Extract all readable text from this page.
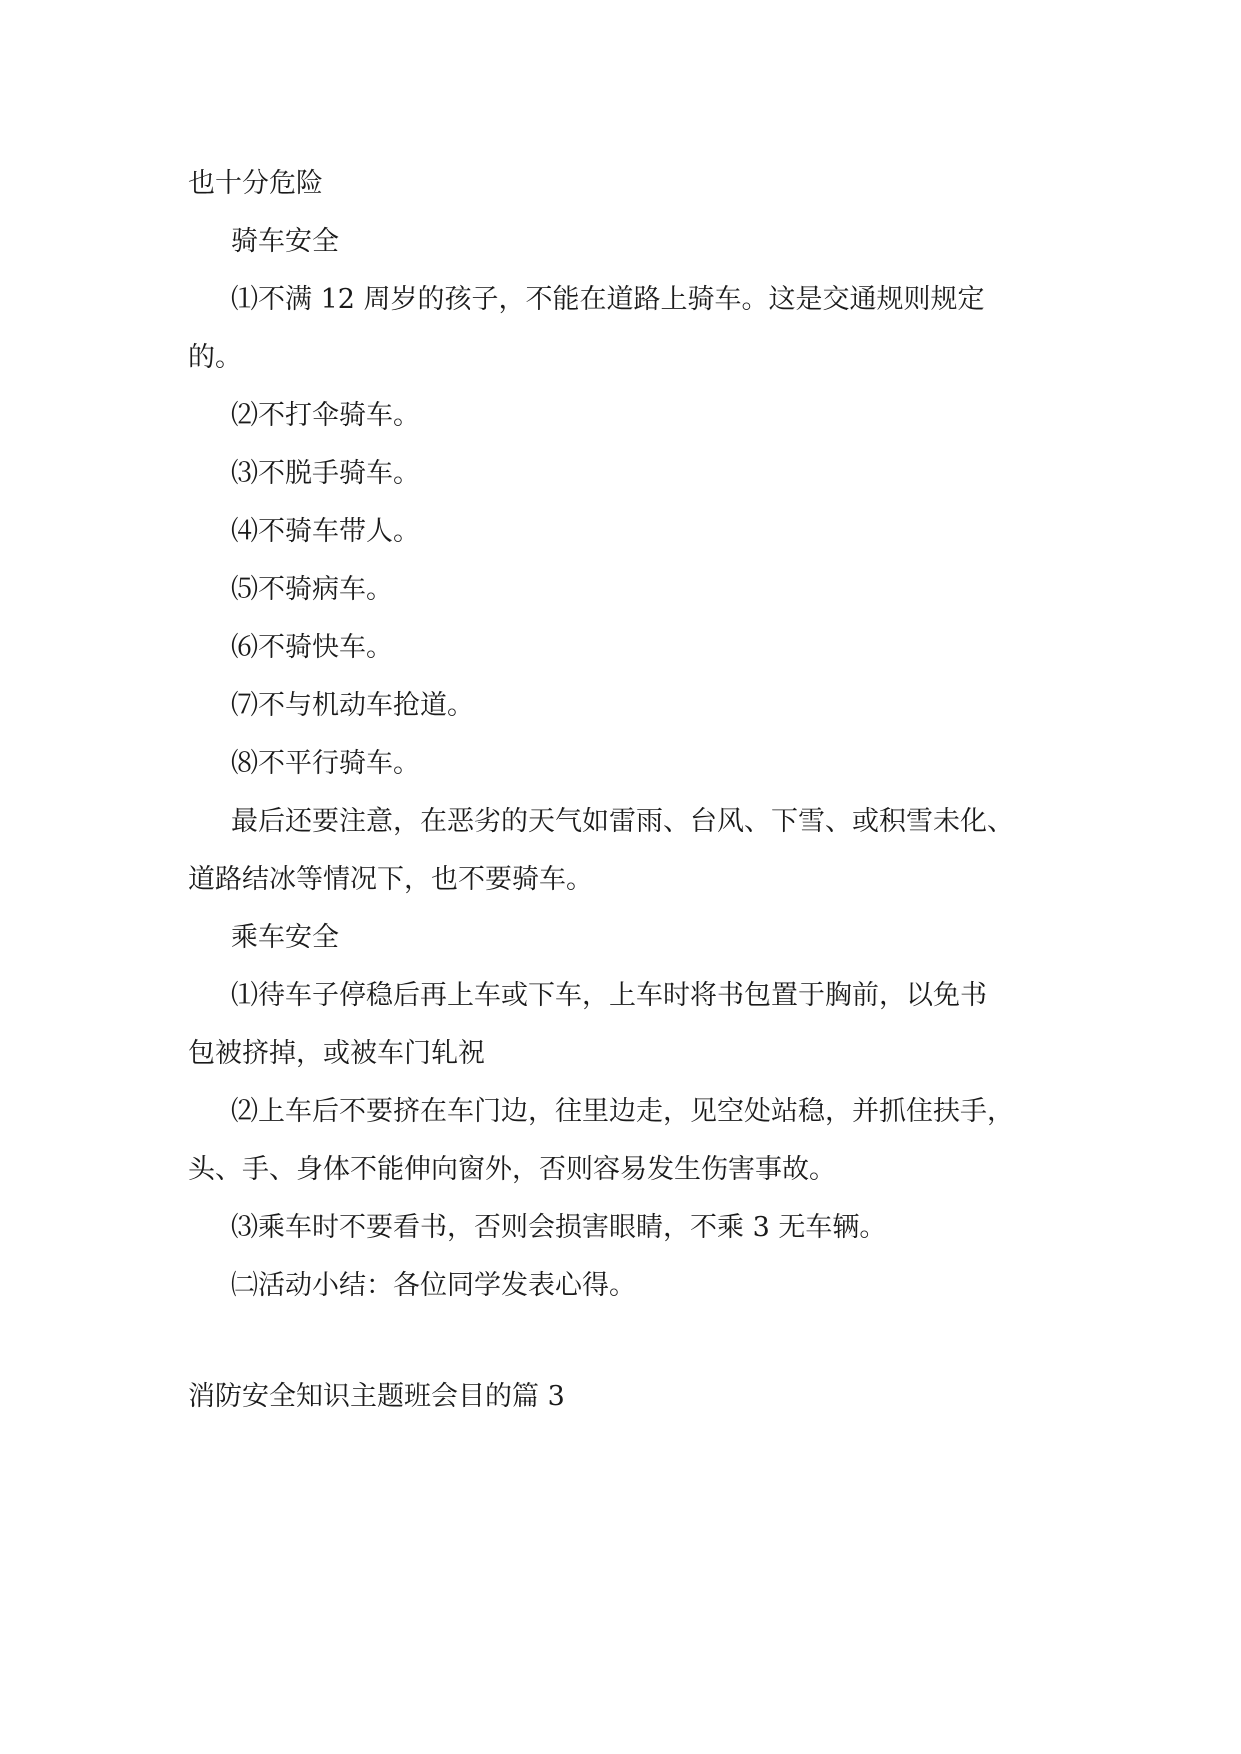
也十分危险
骑车安全
⑴不满 12 周岁的孩子，不能在道路上骑车。这是交通规则规定
的。
⑵不打伞骑车。
⑶不脱手骑车。
⑷不骑车带人。
⑸不骑病车。
⑹不骑快车。
⑺不与机动车抢道。
⑻不平行骑车。
最后还要注意，在恶劣的天气如雷雨、台风、下雪、或积雪未化、
道路结冰等情况下，也不要骑车。
乘车安全
⑴待车子停稳后再上车或下车，上车时将书包置于胸前，以免书
包被挤掉，或被车门轧祝
⑵上车后不要挤在车门边，往里边走，见空处站稳，并抓住扶手，
头、手、身体不能伸向窗外，否则容易发生伤害事故。
⑶乘车时不要看书，否则会损害眼睛，不乘 3 无车辆。
㈡活动小结：各位同学发表心得。
消防安全知识主题班会目的篇 3
